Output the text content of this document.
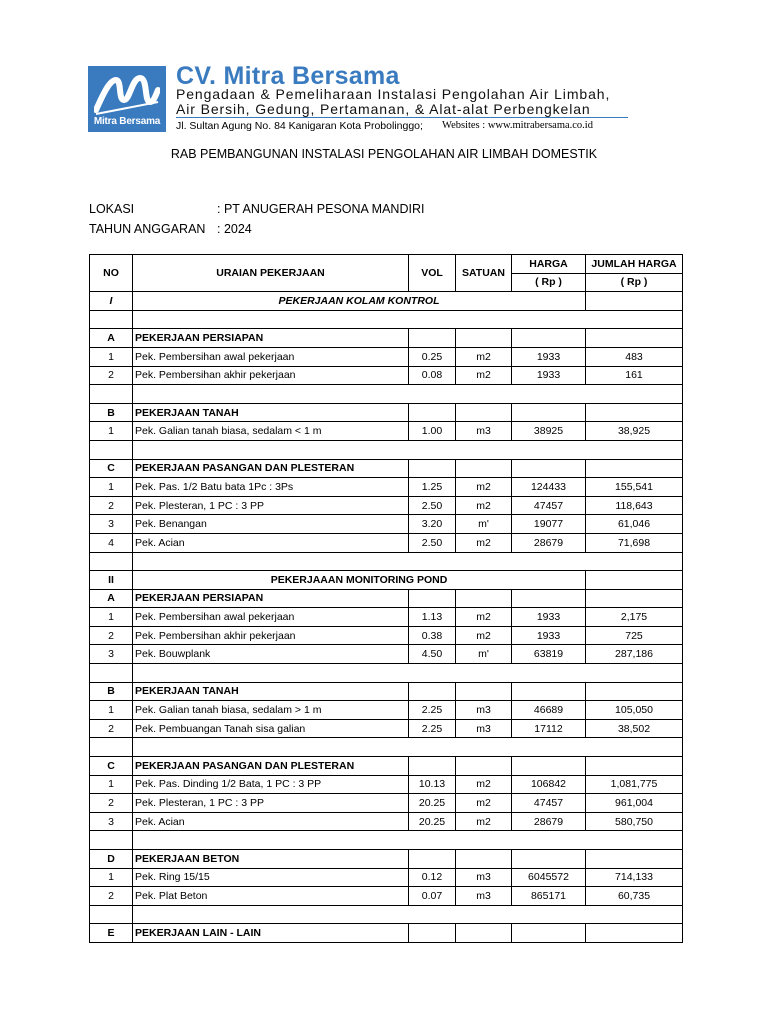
Mitra Bersama
CV. Mitra Bersama
Pengadaan & Pemeliharaan Instalasi Pengolahan Air Limbah,
Air Bersih, Gedung, Pertamanan, & Alat-alat Perbengkelan
Jl. Sultan Agung No. 84 Kanigaran Kota Probolinggo; Websites : www.mitrabersama.co.id
RAB PEMBANGUNAN INSTALASI PENGOLAHAN AIR LIMBAH DOMESTIK
LOKASI	: PT ANUGERAH PESONA MANDIRI
TAHUN ANGGARAN : 2024
NO	URAIAN PEKERJAAN	VOL	SATUAN	HARGA	JUMLAH HARGA
				( Rp )	( Rp )
I	PEKERJAAN KOLAM KONTROL				

A	PEKERJAAN PERSIAPAN				
1	Pek. Pembersihan awal pekerjaan	0.25	m2	1933	483
2	Pek. Pembersihan akhir pekerjaan	0.08	m2	1933	161

B	PEKERJAAN TANAH				
1	Pek. Galian tanah biasa, sedalam < 1 m	1.00	m3	38925	38,925

C	PEKERJAAN PASANGAN DAN PLESTERAN				
1	Pek. Pas. 1/2 Batu bata 1Pc : 3Ps	1.25	m2	124433	155,541
2	Pek. Plesteran, 1 PC : 3 PP	2.50	m2	47457	118,643
3	Pek. Benangan	3.20	m'	19077	61,046
4	Pek. Acian	2.50	m2	28679	71,698

II	PEKERJAAAN MONITORING POND				
A	PEKERJAAN PERSIAPAN				
1	Pek. Pembersihan awal pekerjaan	1.13	m2	1933	2,175
2	Pek. Pembersihan akhir pekerjaan	0.38	m2	1933	725
3	Pek. Bouwplank	4.50	m'	63819	287,186

B	PEKERJAAN TANAH				
1	Pek. Galian tanah biasa, sedalam > 1 m	2.25	m3	46689	105,050
2	Pek. Pembuangan Tanah sisa galian	2.25	m3	17112	38,502

C	PEKERJAAN PASANGAN DAN PLESTERAN				
1	Pek. Pas. Dinding 1/2 Bata, 1 PC : 3 PP	10.13	m2	106842	1,081,775
2	Pek. Plesteran, 1 PC : 3 PP	20.25	m2	47457	961,004
3	Pek. Acian	20.25	m2	28679	580,750

D	PEKERJAAN BETON				
1	Pek. Ring 15/15	0.12	m3	6045572	714,133
2	Pek. Plat Beton	0.07	m3	865171	60,735

E	PEKERJAAN LAIN - LAIN				
